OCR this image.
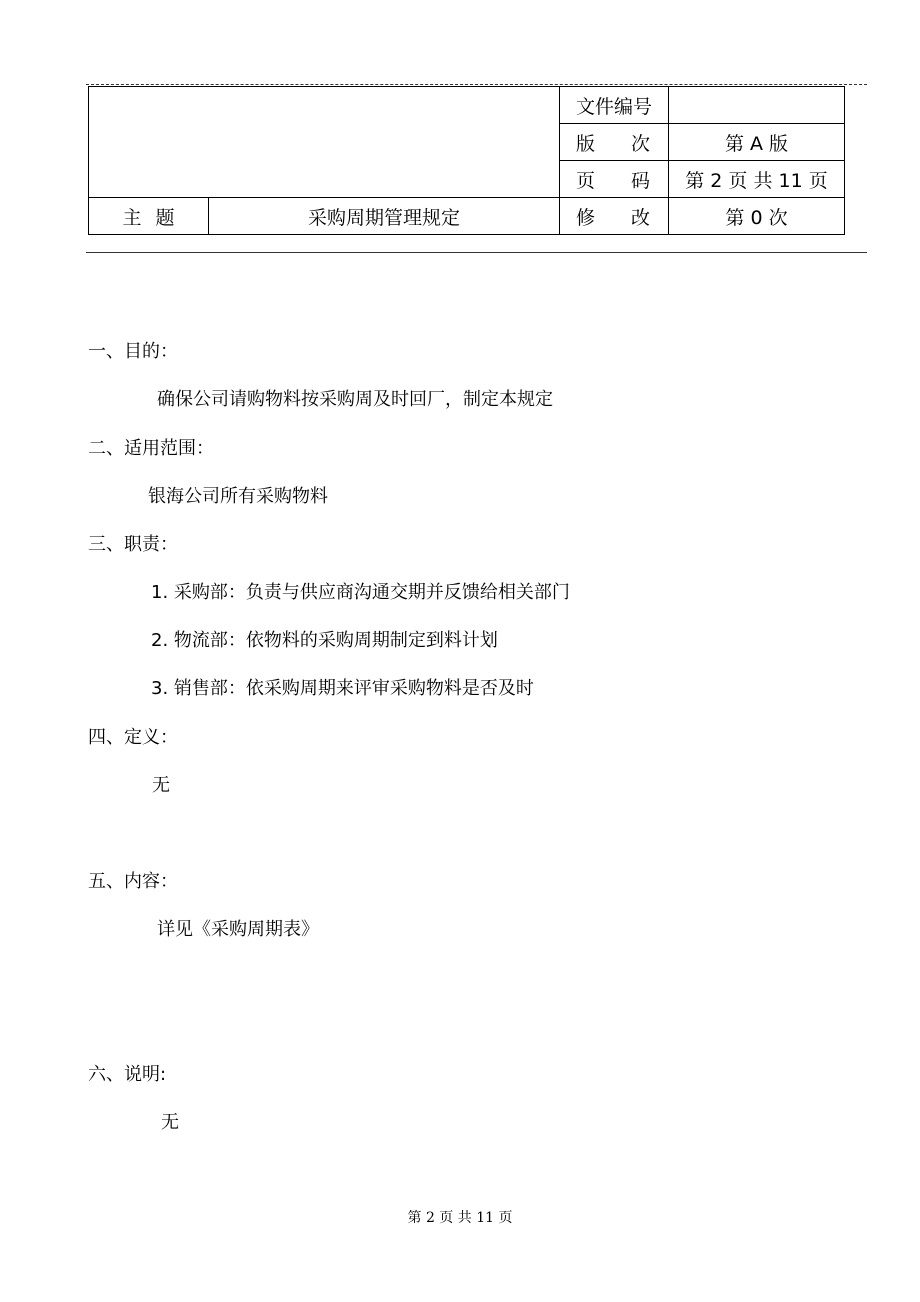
		文件编号	

		版 次	第 A 版

		页 码	第 2 页 共 11 页
主题	采购周期管理规定	修 改	第 0 次
一、目的：
确保公司请购物料按采购周及时回厂，制定本规定
二、适用范围：
银海公司所有采购物料
三、职责：
1. 采购部：负责与供应商沟通交期并反馈给相关部门
2. 物流部：依物料的采购周期制定到料计划
3. 销售部：依采购周期来评审采购物料是否及时
四、定义：
无
五、内容：
详见《采购周期表》
六、说明:
无
第 2 页 共 11 页
